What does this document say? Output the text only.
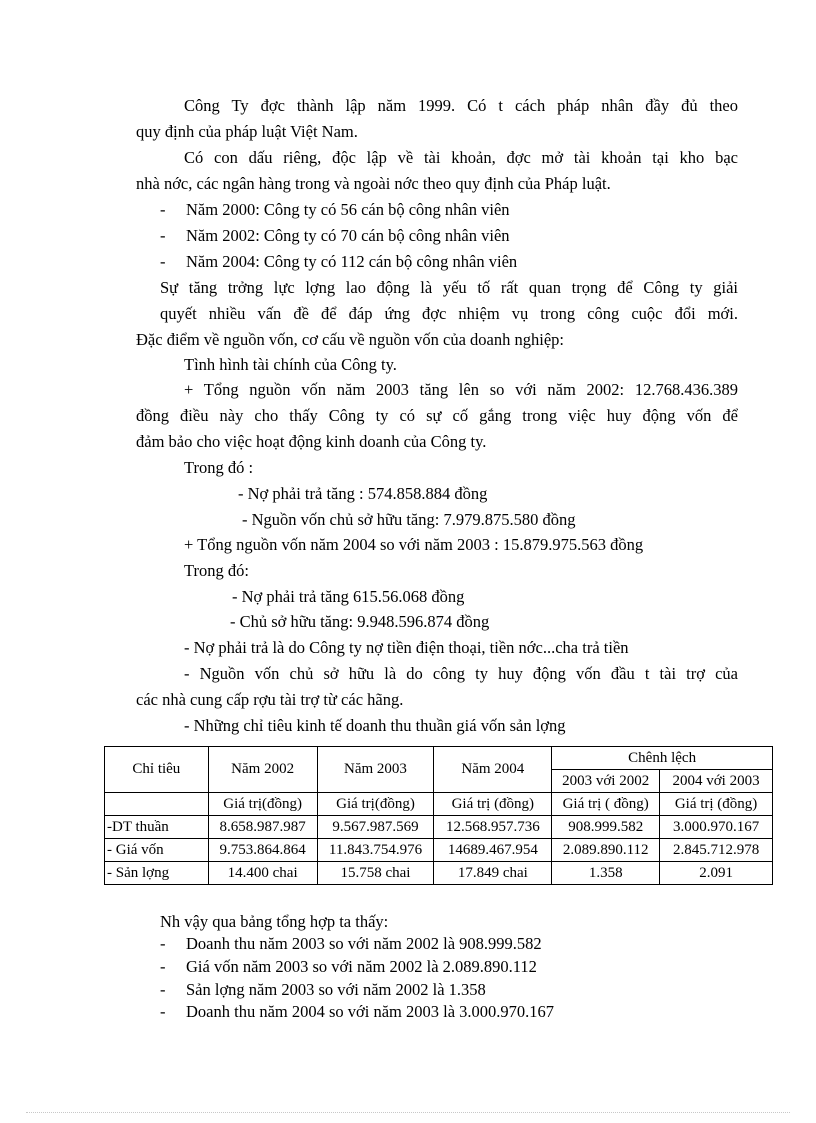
Công Ty đợc thành lập năm 1999. Có t cách pháp nhân đầy đủ theo
quy định của pháp luật Việt Nam.
Có con dấu riêng, độc lập về tài khoản, đợc mở tài khoản tại kho bạc
nhà nớc, các ngân hàng trong và ngoài nớc theo quy định của Pháp luật.
- Năm 2000: Công ty có 56 cán bộ công nhân viên
- Năm 2002: Công ty có 70 cán bộ công nhân viên
- Năm 2004: Công ty có 112 cán bộ công nhân viên
Sự tăng trởng lực lợng lao động là yếu tố rất quan trọng để Công ty giải
quyết nhiều vấn đề để đáp ứng đợc nhiệm vụ trong công cuộc đổi mới.
Đặc điểm về nguồn vốn, cơ cấu về nguồn vốn của doanh nghiệp:
Tình hình tài chính của Công ty.
+ Tổng nguồn vốn năm 2003 tăng lên so với năm 2002: 12.768.436.389
đồng điều này cho thấy Công ty có sự cố gắng trong việc huy động vốn để
đảm bảo cho việc hoạt động kinh doanh của Công ty.
Trong đó :
- Nợ phải trả tăng : 574.858.884 đồng
- Nguồn vốn chủ sở hữu tăng: 7.979.875.580 đồng
+ Tổng nguồn vốn năm 2004 so với năm 2003 : 15.879.975.563 đồng
Trong đó:
- Nợ phải trả tăng 615.56.068 đồng
- Chủ sở hữu tăng: 9.948.596.874 đồng
- Nợ phải trả là do Công ty nợ tiền điện thoại, tiền nớc...cha trả tiền
- Nguồn vốn chủ sở hữu là do công ty huy động vốn đầu t tài trợ của
các nhà cung cấp rợu tài trợ từ các hãng.
- Những chỉ tiêu kinh tế doanh thu thuần giá vốn sản lợng
Chỉ tiêu	Năm 2002	Năm 2003	Năm 2004	Chênh lệch	
				2003 với 2002	2004 với 2003
	Giá trị(đồng)	Giá trị(đồng)	Giá trị (đồng)	Giá trị ( đồng)	Giá trị (đồng)
-DT thuần	8.658.987.987	9.567.987.569	12.568.957.736	908.999.582	3.000.970.167
- Giá vốn	9.753.864.864	11.843.754.976	14689.467.954	2.089.890.112	2.845.712.978
- Sản lợng	14.400 chai	15.758 chai	17.849 chai	1.358	2.091
Nh vậy qua bảng tổng hợp ta thấy:
- Doanh thu năm 2003 so với năm 2002 là 908.999.582
- Giá vốn năm 2003 so với năm 2002 là 2.089.890.112
- Sản lợng năm 2003 so với năm 2002 là 1.358
- Doanh thu năm 2004 so với năm 2003 là 3.000.970.167
